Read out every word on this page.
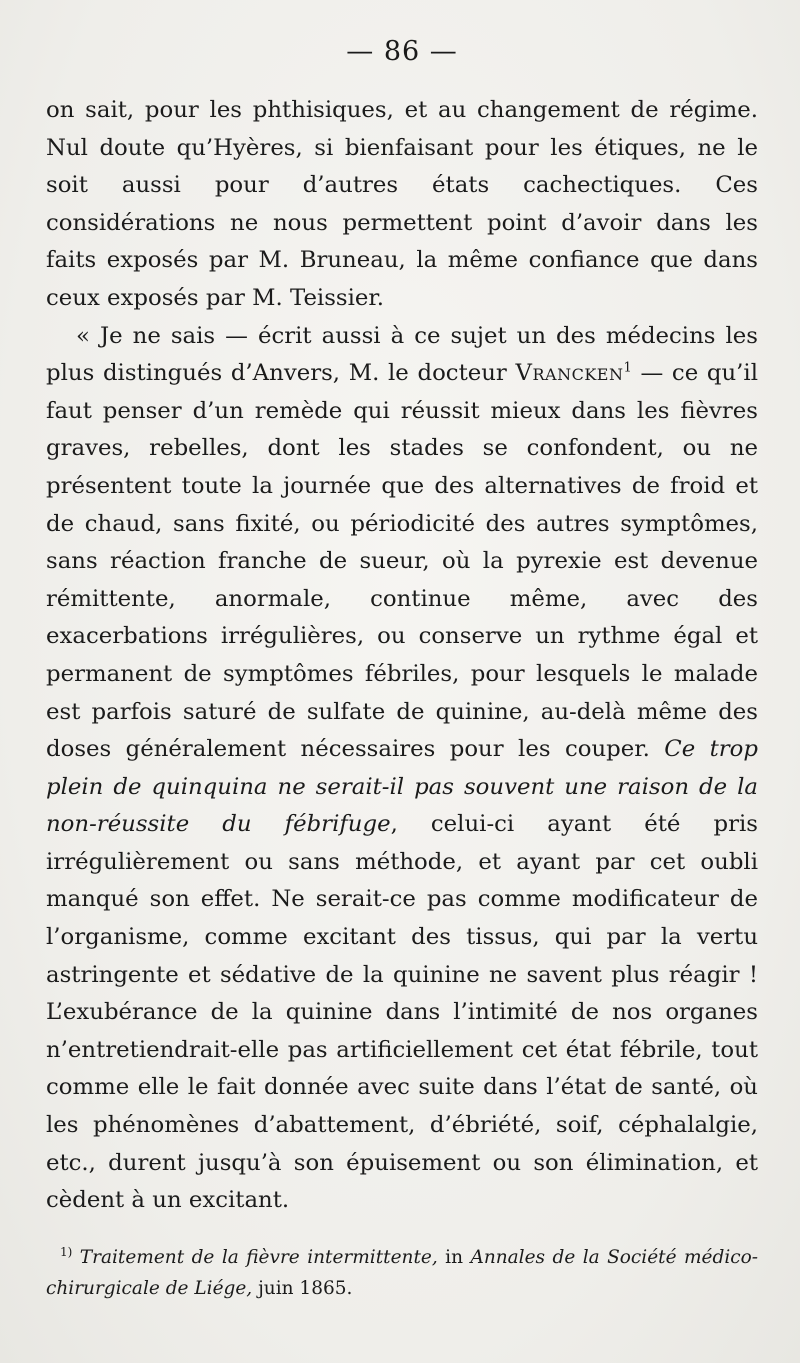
— 86 —

on sait, pour les phthisiques, et au changement de régime. Nul doute qu’Hyères, si bienfaisant pour les étiques, ne le soit aussi pour d’autres états cachectiques. Ces considérations ne nous permettent point d’avoir dans les faits exposés par M. Bruneau, la même confiance que dans ceux exposés par M. Teissier.

« Je ne sais — écrit aussi à ce sujet un des médecins les plus distingués d’Anvers, M. le docteur Vrancken$^1$ — ce qu’il faut penser d’un remède qui réussit mieux dans les fièvres graves, rebelles, dont les stades se confondent, ou ne présentent toute la journée que des alternatives de froid et de chaud, sans fixité, ou périodicité des autres symptômes, sans réaction franche de sueur, où la pyrexie est devenue rémittente, anormale, continue même, avec des exacerbations irrégulières, ou conserve un rythme égal et permanent de symptômes fébriles, pour lesquels le malade est parfois saturé de sulfate de quinine, au-delà même des doses généralement nécessaires pour les couper. Ce trop plein de quinquina ne serait-il pas souvent une raison de la non-réussite du fébrifuge, celui-ci ayant été pris irrégulièrement ou sans méthode, et ayant par cet oubli manqué son effet. Ne serait-ce pas comme modificateur de l’organisme, comme excitant des tissus, qui par la vertu astringente et sédative de la quinine ne savent plus réagir ! L’exubérance de la quinine dans l’intimité de nos organes n’entretiendrait-elle pas artificiellement cet état fébrile, tout comme elle le fait donnée avec suite dans l’état de santé, où les phénomènes d’abattement, d’ébriété, soif, céphalalgie, etc., durent jusqu’à son épuisement ou son élimination, et cèdent à un excitant.

$^{1)}$ Traitement de la fièvre intermittente, in Annales de la Société médico-chirurgicale de Liége, juin 1865.
